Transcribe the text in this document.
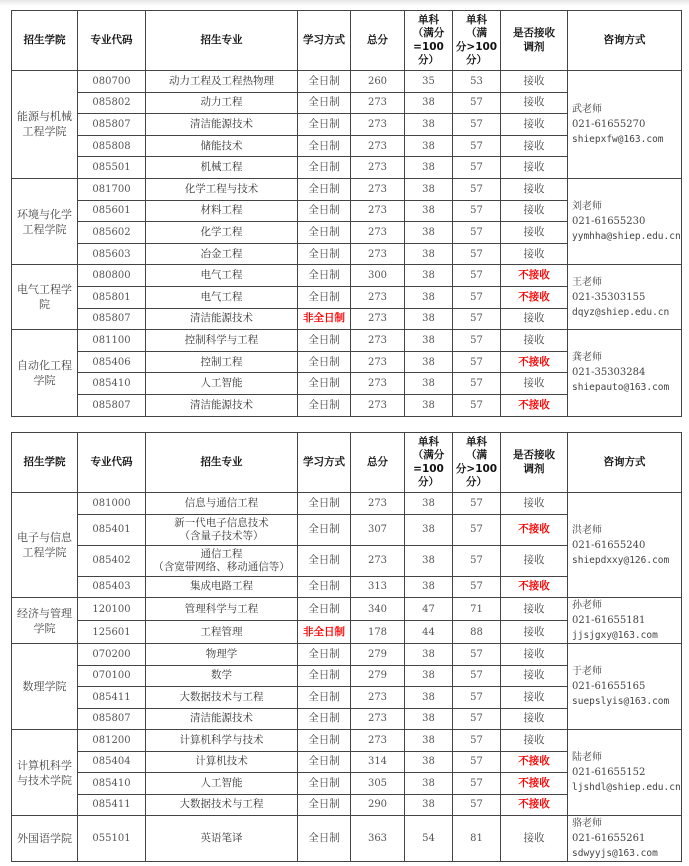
招生学院	专业代码	招生专业	学习方式	总分	单科
（满分
=100
分）	单科
（满
分>100
分）	是否接收
调剂	咨询方式
能源与机械工程学院	080700	动力工程及工程热物理	全日制	260	35	53	接收	武老师
021-61655270
shiepxfw@163.com

	085802	动力工程	全日制	273	38	57	接收	
	085807	清洁能源技术	全日制	273	38	57	接收	
	085808	储能技术	全日制	273	38	57	接收	
	085501	机械工程	全日制	273	38	57	接收	
环境与化学工程学院	081700	化学工程与技术	全日制	273	38	57	接收	刘老师
021-61655230
yymhha@shiep.edu.cn

	085601	材料工程	全日制	273	38	57	接收	
	085602	化学工程	全日制	273	38	57	接收	
	085603	冶金工程	全日制	273	38	57	接收	
电气工程学院	080800	电气工程	全日制	300	38	57	不接收	王老师
021-35303155
dqyz@shiep.edu.cn

	085801	电气工程	全日制	273	38	57	不接收	
	085807	清洁能源技术	非全日制	273	38	57	接收	
自动化工程学院	081100	控制科学与工程	全日制	273	38	57	接收	龚老师
021-35303284
shiepauto@163.com

	085406	控制工程	全日制	273	38	57	不接收	
	085410	人工智能	全日制	273	38	57	接收	
	085807	清洁能源技术	全日制	273	38	57	不接收	
招生学院	专业代码	招生专业	学习方式	总分	单科
（满分
=100
分）	单科
（满
分>100
分）	是否接收
调剂	咨询方式
电子与信息工程学院	081000	信息与通信工程	全日制	273	38	57	接收	洪老师
021-61655240
shiepdxxy@126.com

	085401	新一代电子信息技术
（含量子技术等）	全日制	307	38	57	不接收	
	085402	通信工程
（含宽带网络、移动通信等）	全日制	273	38	57	接收	
	085403	集成电路工程	全日制	313	38	57	不接收	
经济与管理学院	120100	管理科学与工程	全日制	340	47	71	接收	孙老师
021-61655181
jjsjgxy@163.com

	125601	工程管理	非全日制	178	44	88	接收	
数理学院	070200	物理学	全日制	279	38	57	接收	于老师
021-61655165
suepslyis@163.com

	070100	数学	全日制	279	38	57	接收	
	085411	大数据技术与工程	全日制	273	38	57	接收	
	085807	清洁能源技术	全日制	273	38	57	接收	
计算机科学与技术学院	081200	计算机科学与技术	全日制	273	38	57	接收	陆老师
021-61655152
ljshdl@shiep.edu.cn

	085404	计算机技术	全日制	314	38	57	不接收	
	085410	人工智能	全日制	305	38	57	不接收	
	085411	大数据技术与工程	全日制	290	38	57	不接收	
外国语学院	055101	英语笔译	全日制	363	54	81	接收	骆老师
021-61655261
sdwyyjs@163.com
